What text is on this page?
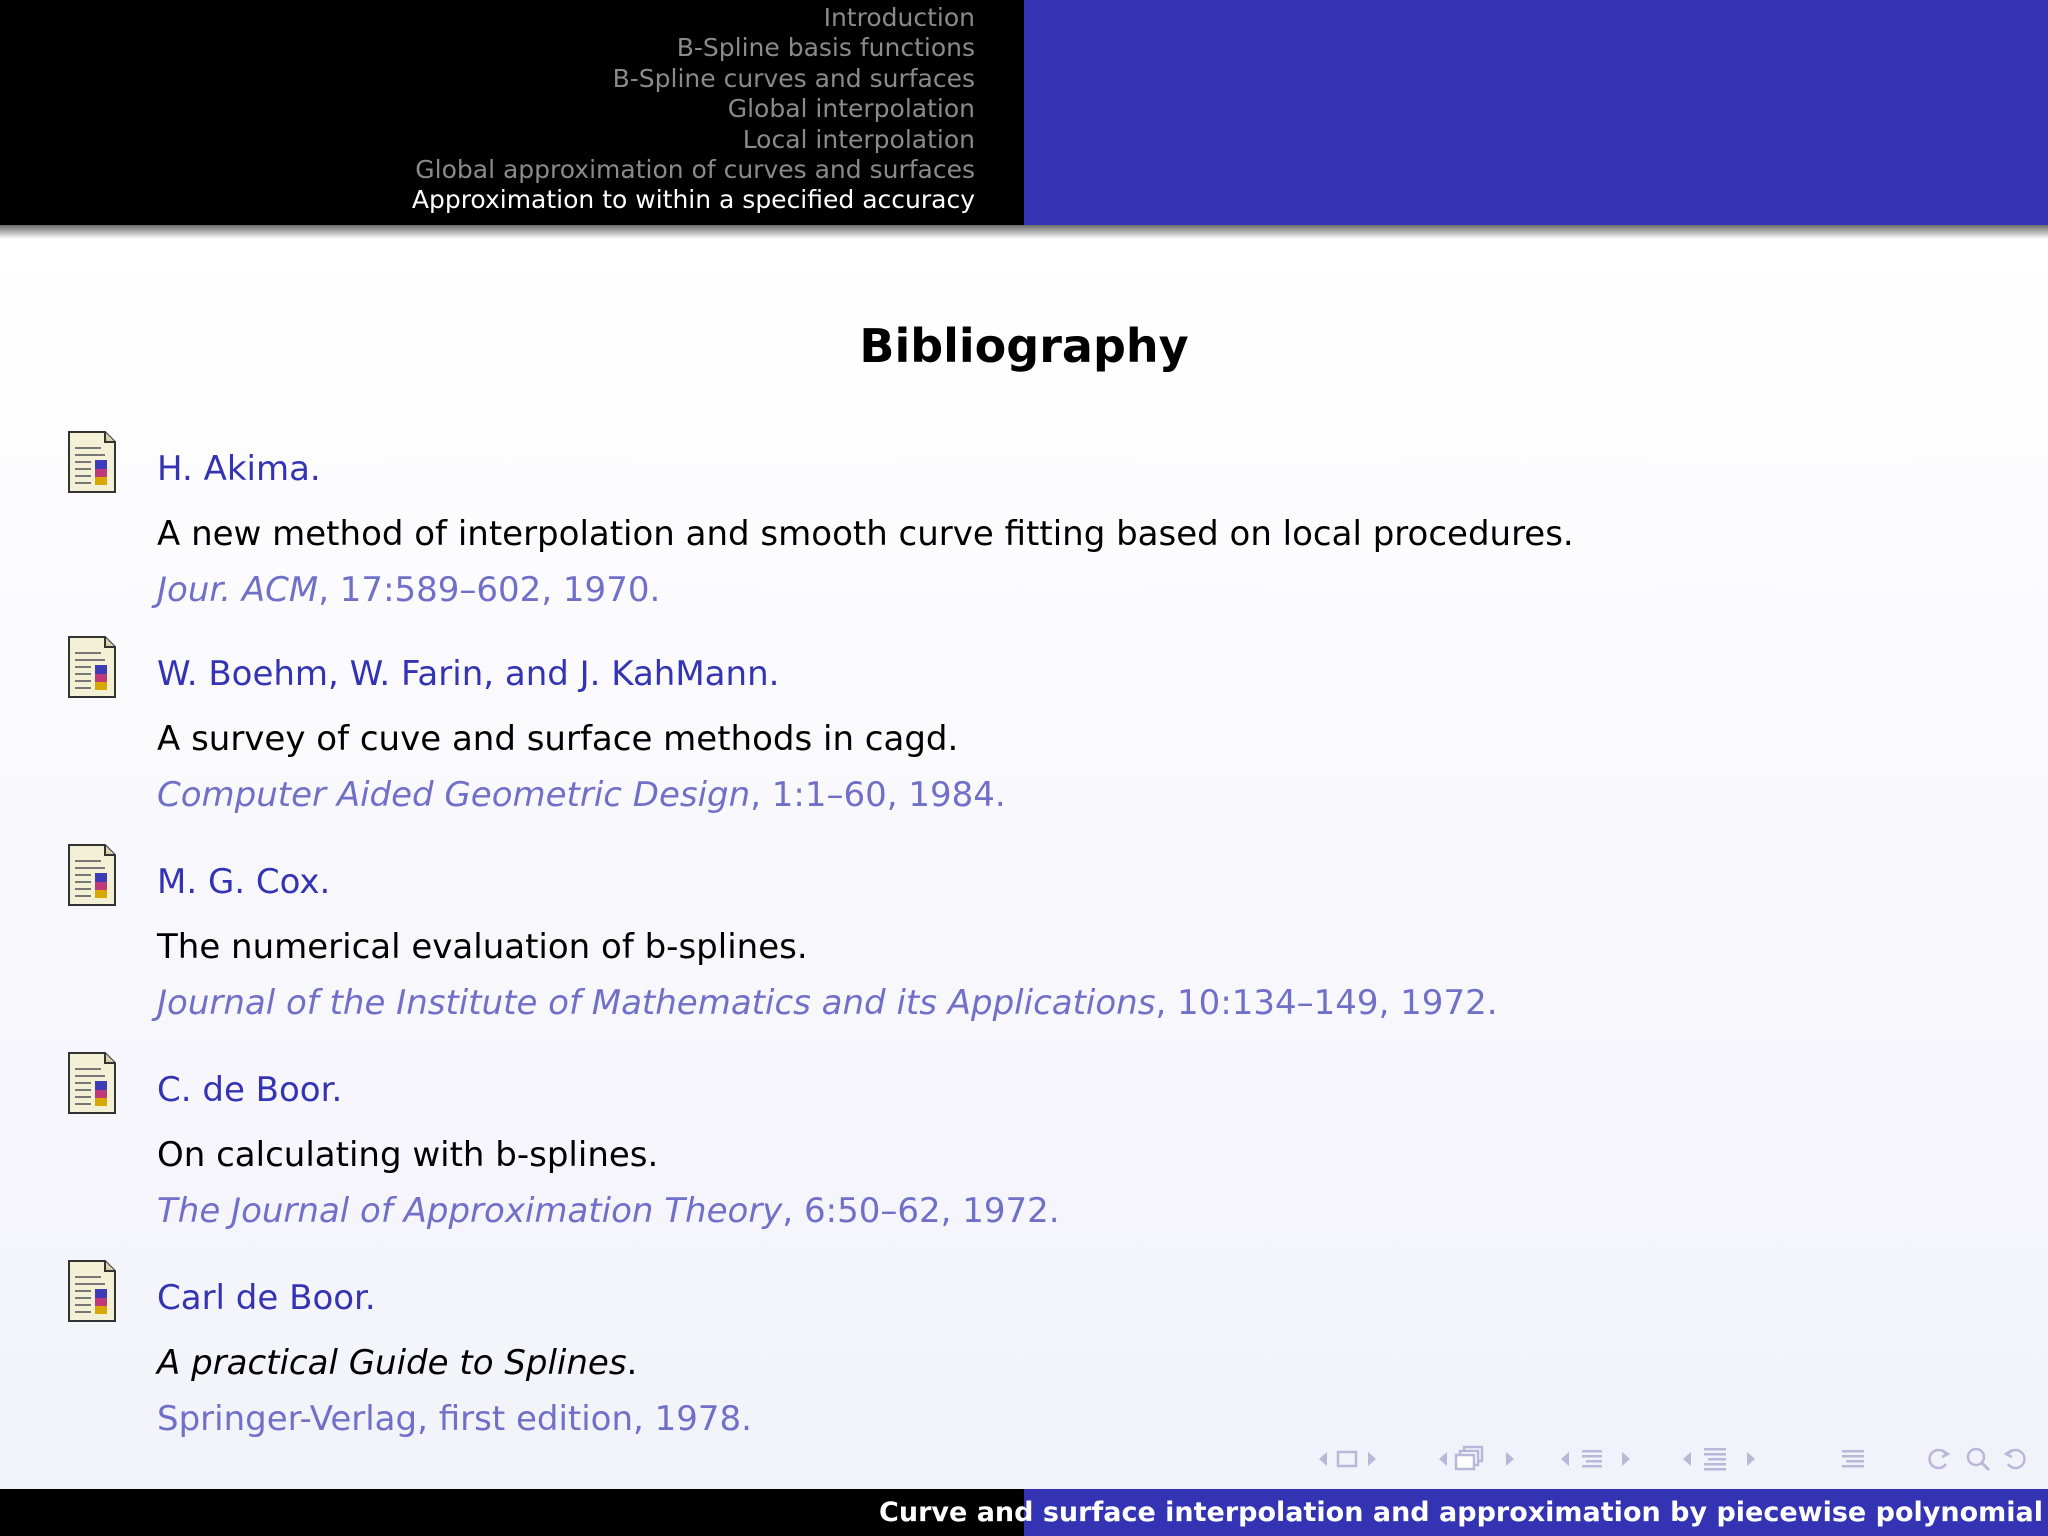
Introduction
B-Spline basis functions
B-Spline curves and surfaces
Global interpolation
Local interpolation
Global approximation of curves and surfaces
Approximation to within a specified accuracy
Bibliography
H. Akima.
A new method of interpolation and smooth curve fitting based on local procedures.
Jour. ACM, 17:589–602, 1970.
W. Boehm, W. Farin, and J. KahMann.
A survey of cuve and surface methods in cagd.
Computer Aided Geometric Design, 1:1–60, 1984.
M. G. Cox.
The numerical evaluation of b-splines.
Journal of the Institute of Mathematics and its Applications, 10:134–149, 1972.
C. de Boor.
On calculating with b-splines.
The Journal of Approximation Theory, 6:50–62, 1972.
Carl de Boor.
A practical Guide to Splines.
Springer-Verlag, first edition, 1978.
Curve and surface interpolation and approximation by piecewise polynomial
